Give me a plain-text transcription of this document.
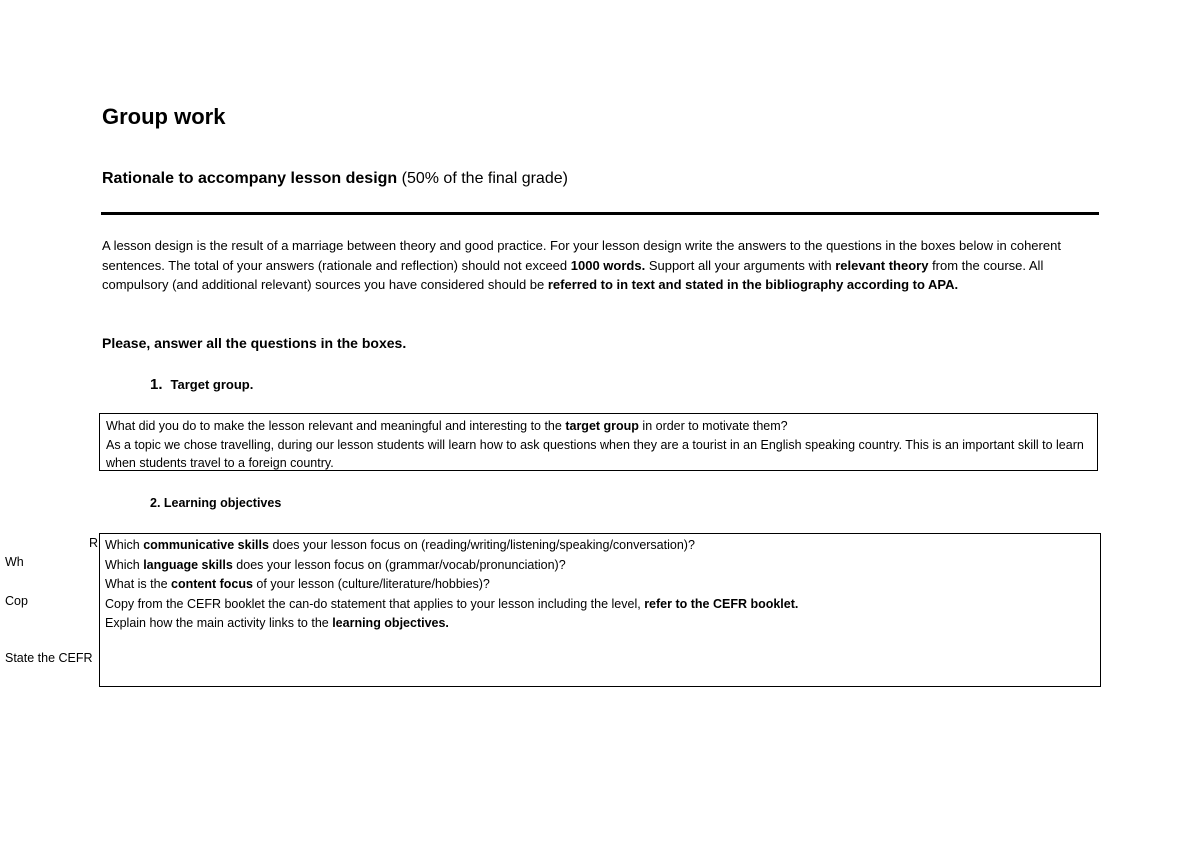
Group work
Rationale to accompany lesson design (50% of the final grade)
A lesson design is the result of a marriage between theory and good practice. For your lesson design write the answers to the questions in the boxes below in coherent sentences. The total of your answers (rationale and reflection) should not exceed 1000 words. Support all your arguments with relevant theory from the course. All compulsory (and additional relevant) sources you have considered should be referred to in text and stated in the bibliography according to APA.
Please, answer all the questions in the boxes.
1. Target group.
What did you do to make the lesson relevant and meaningful and interesting to the target group in order to motivate them?
As a topic we chose travelling, during our lesson students will learn how to ask questions when they are a tourist in an English speaking country. This is an important skill to learn when students travel to a foreign country.
2. Learning objectives
R
Wh
Cop
State the CEFR
Which communicative skills does your lesson focus on (reading/writing/listening/speaking/conversation)?
Which language skills does your lesson focus on (grammar/vocab/pronunciation)?
What is the content focus of your lesson (culture/literature/hobbies)?
Copy from the CEFR booklet the can-do statement that applies to your lesson including the level, refer to the CEFR booklet.
Explain how the main activity links to the learning objectives.
